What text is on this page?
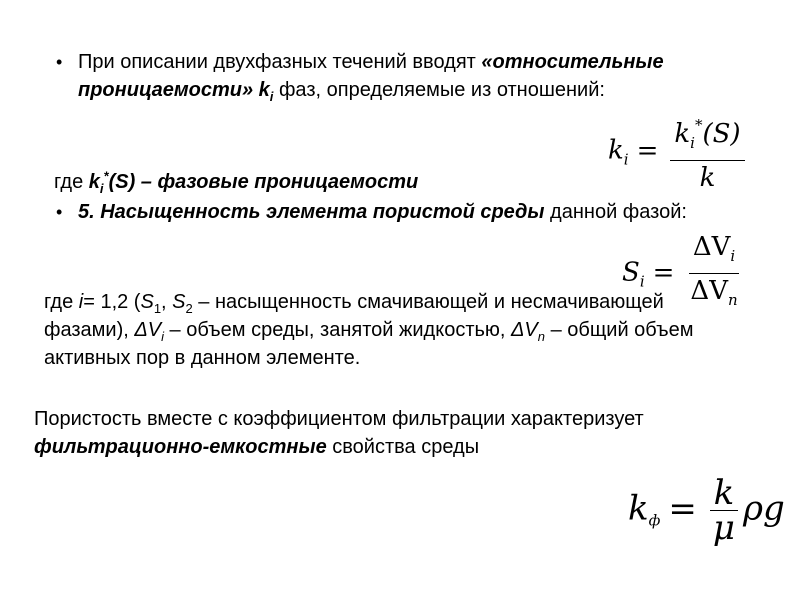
• При описании двухфазных течений вводят «относительные проницаемости» $k_i$ фаз, определяемые из отношений:

$k_i = \frac{k_i^*(S)}{k}$

где $k_i^*(S)$ – фазовые проницаемости

• 5. Насыщенность элемента пористой среды данной фазой:

$S_i = \frac{\Delta V_i}{\Delta V_n}$

где i= 1,2 ($S_1$, $S_2$ – насыщенность смачивающей и несмачивающей фазами), $\Delta V_i$ – объем среды, занятой жидкостью, $\Delta V_n$ – общий объем активных пор в данном элементе.

Пористость вместе с коэффициентом фильтрации характеризует фильтрационно-емкостные свойства среды

kф = $\frac{k}{\mu}$ ρg
